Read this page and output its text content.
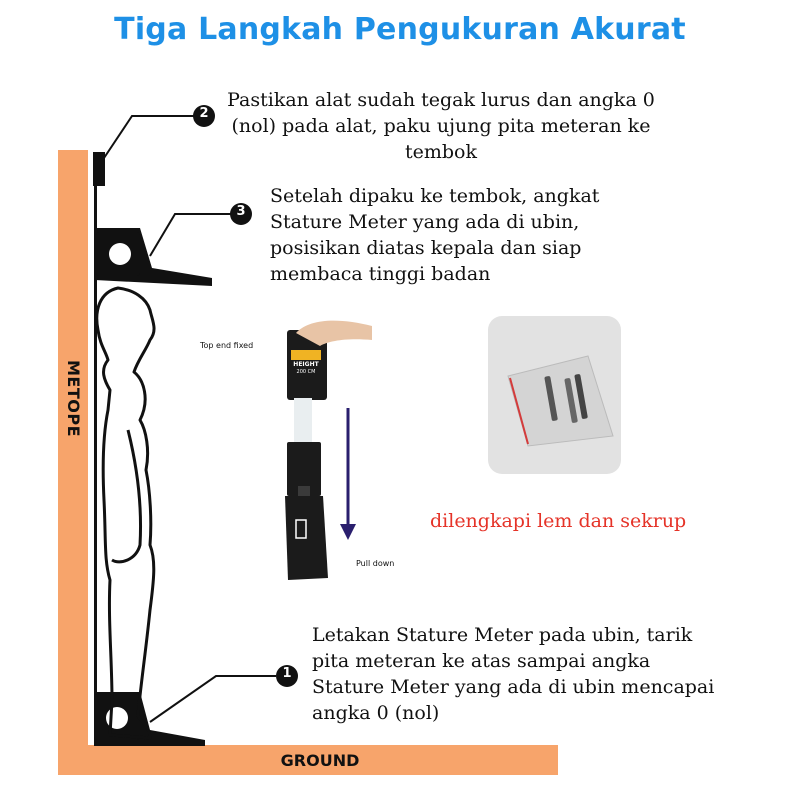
Tiga Langkah Pengukuran Akurat
2
3
1
Pastikan alat sudah tegak lurus dan angka 0 (nol) pada alat, paku ujung pita meteran ke tembok
Setelah dipaku ke tembok, angkat Stature Meter yang ada di ubin, posisikan diatas kepala dan siap membaca tinggi badan
Letakan Stature Meter pada ubin, tarik pita meteran ke atas sampai angka Stature Meter yang ada di ubin mencapai angka 0 (nol)
METOPE
GROUND
Top end fixed
Pull down
HEIGHT
200 CM
dilengkapi lem dan sekrup
